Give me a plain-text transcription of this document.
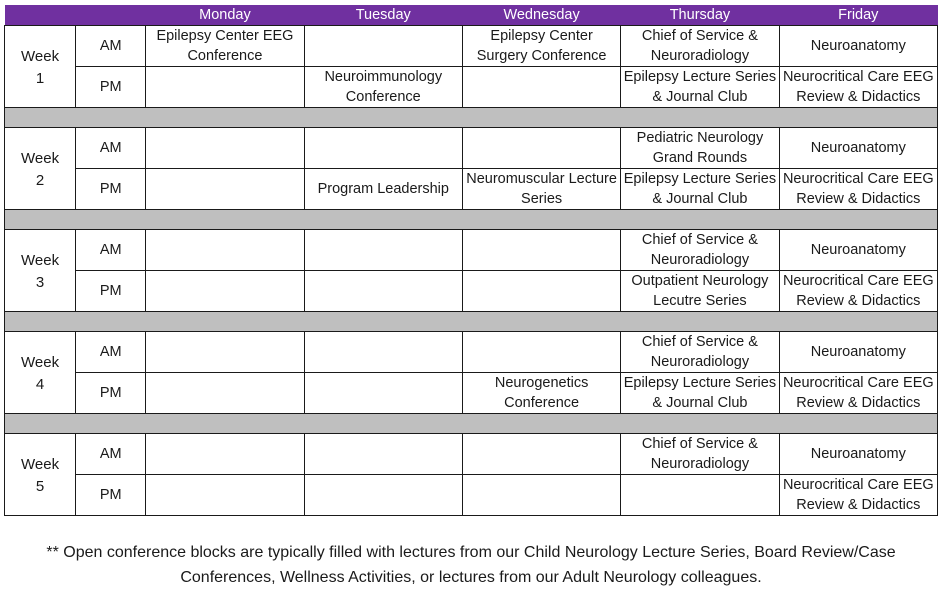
		Monday	Tuesday	Wednesday	Thursday	Friday

Week
1	AM	Epilepsy Center EEG Conference		Epilepsy Center Surgery Conference	Chief of Service & Neuroradiology	Neuroanatomy
	PM		Neuroimmunology Conference		Epilepsy Lecture Series & Journal Club	Neurocritical Care EEG Review & Didactics

Week
2	AM				Pediatric Neurology Grand Rounds	Neuroanatomy
	PM		Program Leadership	Neuromuscular Lecture Series	Epilepsy Lecture Series & Journal Club	Neurocritical Care EEG Review & Didactics

Week
3	AM				Chief of Service & Neuroradiology	Neuroanatomy
	PM				Outpatient Neurology Lecutre Series	Neurocritical Care EEG Review & Didactics

Week
4	AM				Chief of Service & Neuroradiology	Neuroanatomy
	PM			Neurogenetics Conference	Epilepsy Lecture Series & Journal Club	Neurocritical Care EEG Review & Didactics

Week
5	AM				Chief of Service & Neuroradiology	Neuroanatomy
	PM					Neurocritical Care EEG Review & Didactics
** Open conference blocks are typically filled with lectures from our Child Neurology Lecture Series, Board Review/Case Conferences, Wellness Activities, or lectures from our Adult Neurology colleagues.
